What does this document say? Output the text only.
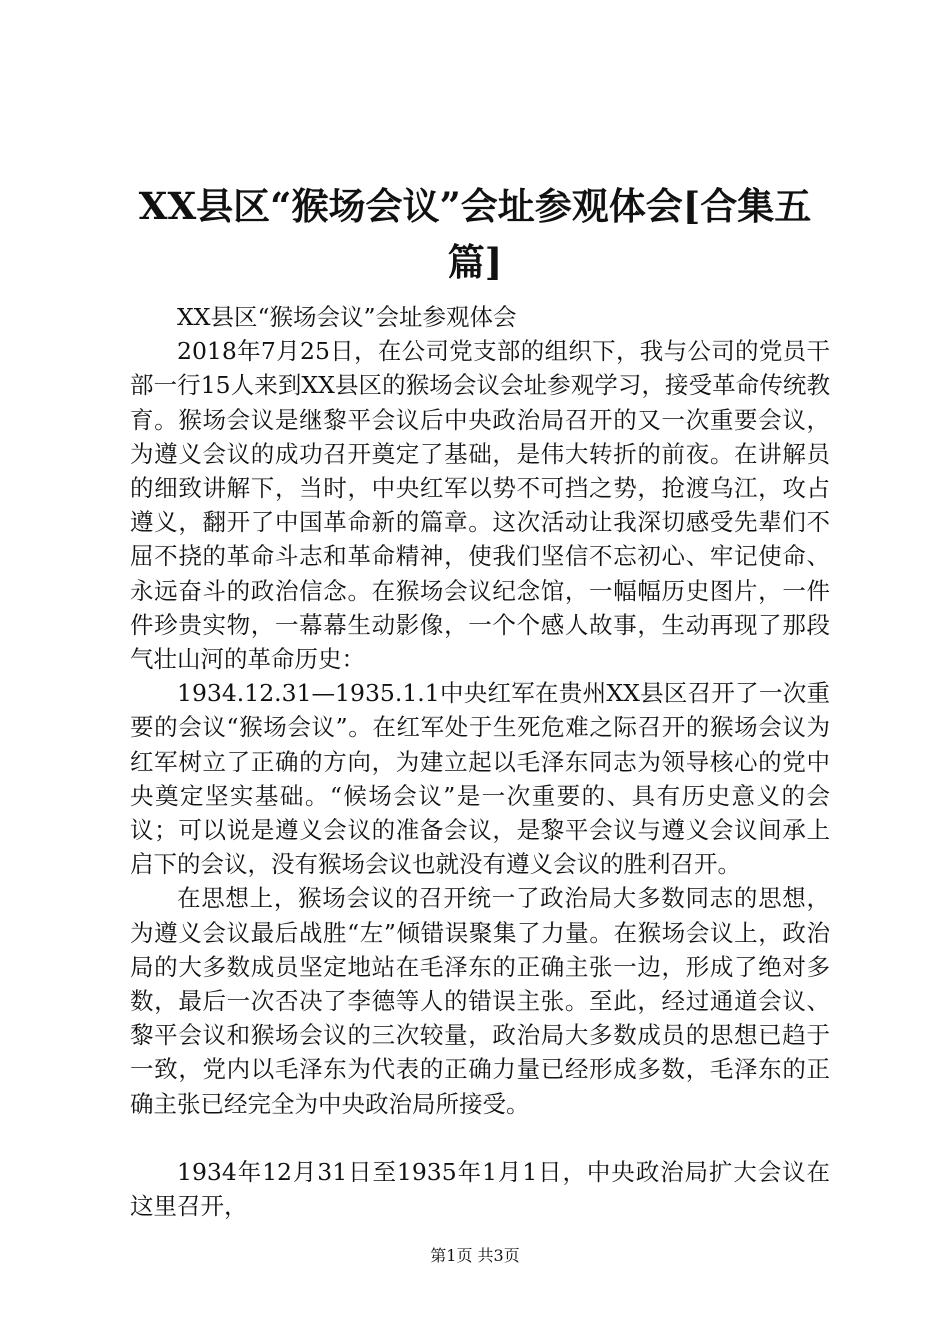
XX县区“猴场会议”会址参观体会[合集五篇]

XX县区“猴场会议”会址参观体会

2018年7月25日，在公司党支部的组织下，我与公司的党员干部一行15人来到XX县区的猴场会议会址参观学习，接受革命传统教育。猴场会议是继黎平会议后中央政治局召开的又一次重要会议，为遵义会议的成功召开奠定了基础，是伟大转折的前夜。在讲解员的细致讲解下，当时，中央红军以势不可挡之势，抢渡乌江，攻占遵义，翻开了中国革命新的篇章。这次活动让我深切感受先辈们不屈不挠的革命斗志和革命精神，使我们坚信不忘初心、牢记使命、永远奋斗的政治信念。在猴场会议纪念馆，一幅幅历史图片，一件件珍贵实物，一幕幕生动影像，一个个感人故事，生动再现了那段气壮山河的革命历史：

1934.12.31—1935.1.1中央红军在贵州XX县区召开了一次重要的会议“猴场会议”。在红军处于生死危难之际召开的猴场会议为红军树立了正确的方向，为建立起以毛泽东同志为领导核心的党中央奠定坚实基础。“候场会议”是一次重要的、具有历史意义的会议；可以说是遵义会议的准备会议，是黎平会议与遵义会议间承上启下的会议，没有猴场会议也就没有遵义会议的胜利召开。

在思想上，猴场会议的召开统一了政治局大多数同志的思想，为遵义会议最后战胜“左”倾错误聚集了力量。在猴场会议上，政治局的大多数成员坚定地站在毛泽东的正确主张一边，形成了绝对多数，最后一次否决了李德等人的错误主张。至此，经过通道会议、黎平会议和猴场会议的三次较量，政治局大多数成员的思想已趋于一致，党内以毛泽东为代表的正确力量已经形成多数，毛泽东的正确主张已经完全为中央政治局所接受。

1934年12月31日至1935年1月1日，中央政治局扩大会议在这里召开，

第1页 共3页
